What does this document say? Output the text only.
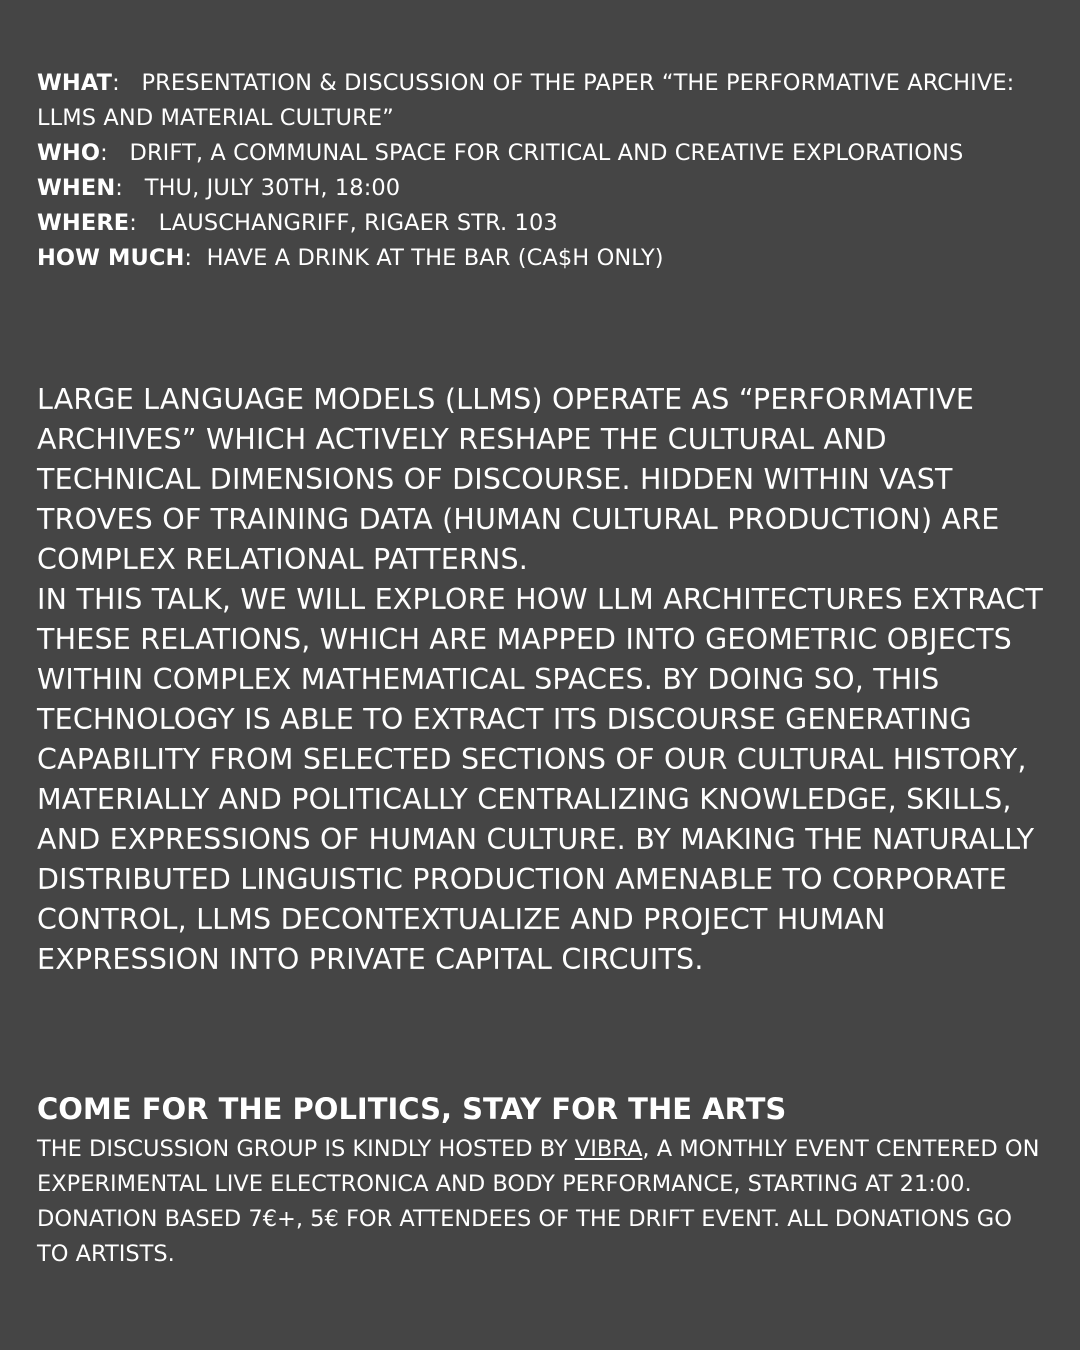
WHAT:   PRESENTATION & DISCUSSION OF THE PAPER “THE PERFORMATIVE ARCHIVE: LLMS AND MATERIAL CULTURE”
WHO:   DRIFT, A COMMUNAL SPACE FOR CRITICAL AND CREATIVE EXPLORATIONS
WHEN:   THU, JULY 30TH, 18:00
WHERE:   LAUSCHANGRIFF, RIGAER STR. 103
HOW MUCH:  HAVE A DRINK AT THE BAR (CA$H ONLY)

LARGE LANGUAGE MODELS (LLMS) OPERATE AS “PERFORMATIVE ARCHIVES” WHICH ACTIVELY RESHAPE THE CULTURAL AND TECHNICAL DIMENSIONS OF DISCOURSE. HIDDEN WITHIN VAST TROVES OF TRAINING DATA (HUMAN CULTURAL PRODUCTION) ARE COMPLEX RELATIONAL PATTERNS.

IN THIS TALK, WE WILL EXPLORE HOW LLM ARCHITECTURES EXTRACT THESE RELATIONS, WHICH ARE MAPPED INTO GEOMETRIC OBJECTS WITHIN COMPLEX MATHEMATICAL SPACES. BY DOING SO, THIS TECHNOLOGY IS ABLE TO EXTRACT ITS DISCOURSE GENERATING CAPABILITY FROM SELECTED SECTIONS OF OUR CULTURAL HISTORY, MATERIALLY AND POLITICALLY CENTRALIZING KNOWLEDGE, SKILLS, AND EXPRESSIONS OF HUMAN CULTURE. BY MAKING THE NATURALLY DISTRIBUTED LINGUISTIC PRODUCTION AMENABLE TO CORPORATE CONTROL, LLMS DECONTEXTUALIZE AND PROJECT HUMAN EXPRESSION INTO PRIVATE CAPITAL CIRCUITS.

COME FOR THE POLITICS, STAY FOR THE ARTS

THE DISCUSSION GROUP IS KINDLY HOSTED BY VIBRA, A MONTHLY EVENT CENTERED ON EXPERIMENTAL LIVE ELECTRONICA AND BODY PERFORMANCE, STARTING AT 21:00. DONATION BASED 7€+, 5€ FOR ATTENDEES OF THE DRIFT EVENT. ALL DONATIONS GO TO ARTISTS.
